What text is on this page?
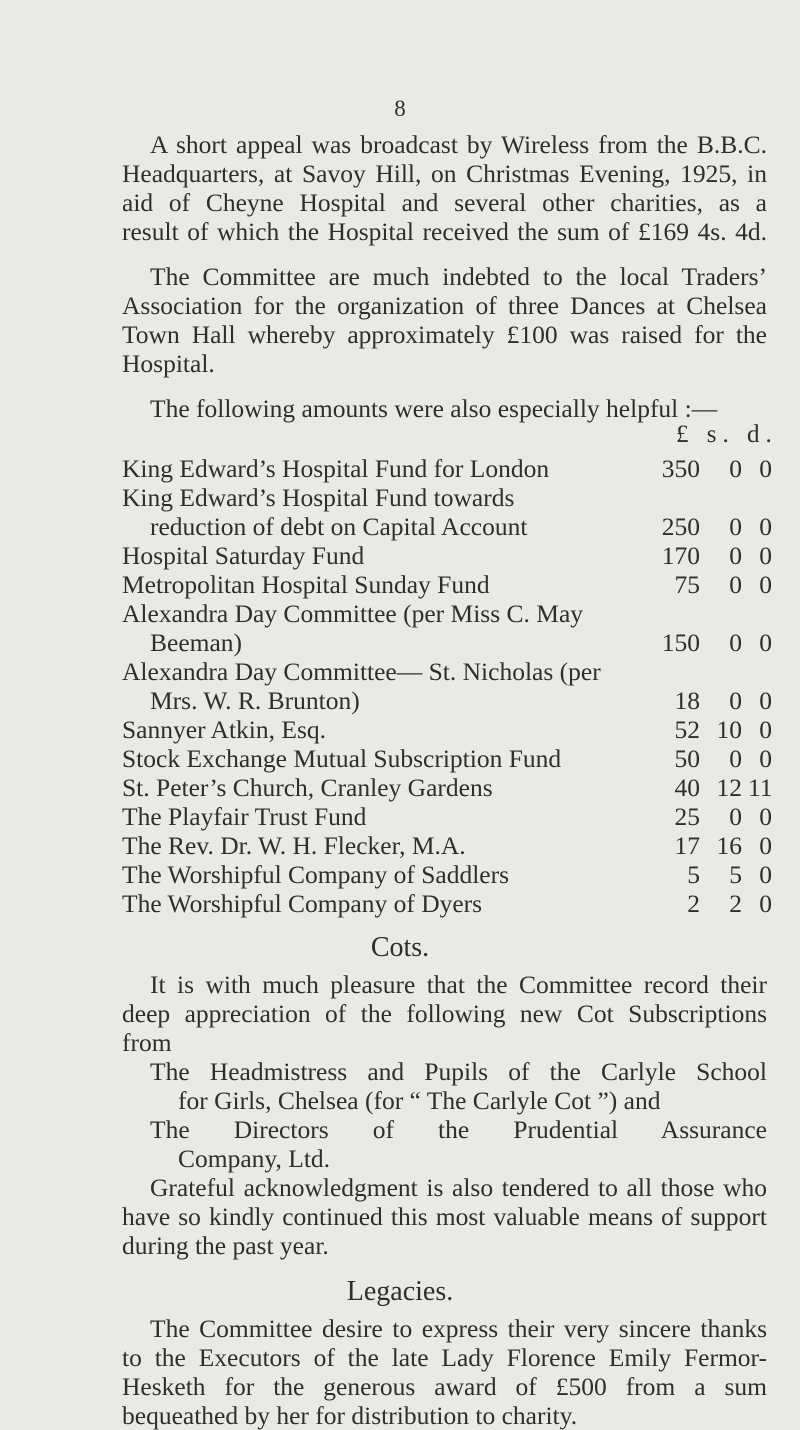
8
A short appeal was broadcast by Wireless from the B.B.C.
Headquarters, at Savoy Hill, on Christmas Evening, 1925, in
aid of Cheyne Hospital and several other charities, as a
result of which the Hospital received the sum of £169 4s. 4d.
The Committee are much indebted to the local Traders’
Association for the organization of three Dances at Chelsea
Town Hall whereby approximately £100 was raised for the
Hospital.
The following amounts were also especially helpful :—
£ s. d.
King Edward’s Hospital Fund for London	350	0 0
King Edward’s Hospital Fund towards
reduction of debt on Capital Account	250	0 0
Hospital Saturday Fund	170	0 0
Metropolitan Hospital Sunday Fund	75	0 0
Alexandra Day Committee (per Miss C. May
Beeman)	150	0 0
Alexandra Day Committee— St. Nicholas (per
Mrs. W. R. Brunton)	18	0 0
Sannyer Atkin, Esq.	52 10 0
Stock Exchange Mutual Subscription Fund	50	0 0
St. Peter’s Church, Cranley Gardens	40 12 11
The Playfair Trust Fund	25	0 0
The Rev. Dr. W. H. Flecker, M.A.	17 16 0
The Worshipful Company of Saddlers	5	5 0
The Worshipful Company of Dyers	2	2 0
Cots.
It is with much pleasure that the Committee record their
deep appreciation of the following new Cot Subscriptions
from
The Headmistress and Pupils of the Carlyle School
for Girls, Chelsea (for “ The Carlyle Cot ”) and
The Directors of the Prudential Assurance
Company, Ltd.
Grateful acknowledgment is also tendered to all those who
have so kindly continued this most valuable means of support
during the past year.
Legacies.
The Committee desire to express their very sincere thanks
to the Executors of the late Lady Florence Emily Fermor-
Hesketh for the generous award of £500 from a sum
bequeathed by her for distribution to charity.
